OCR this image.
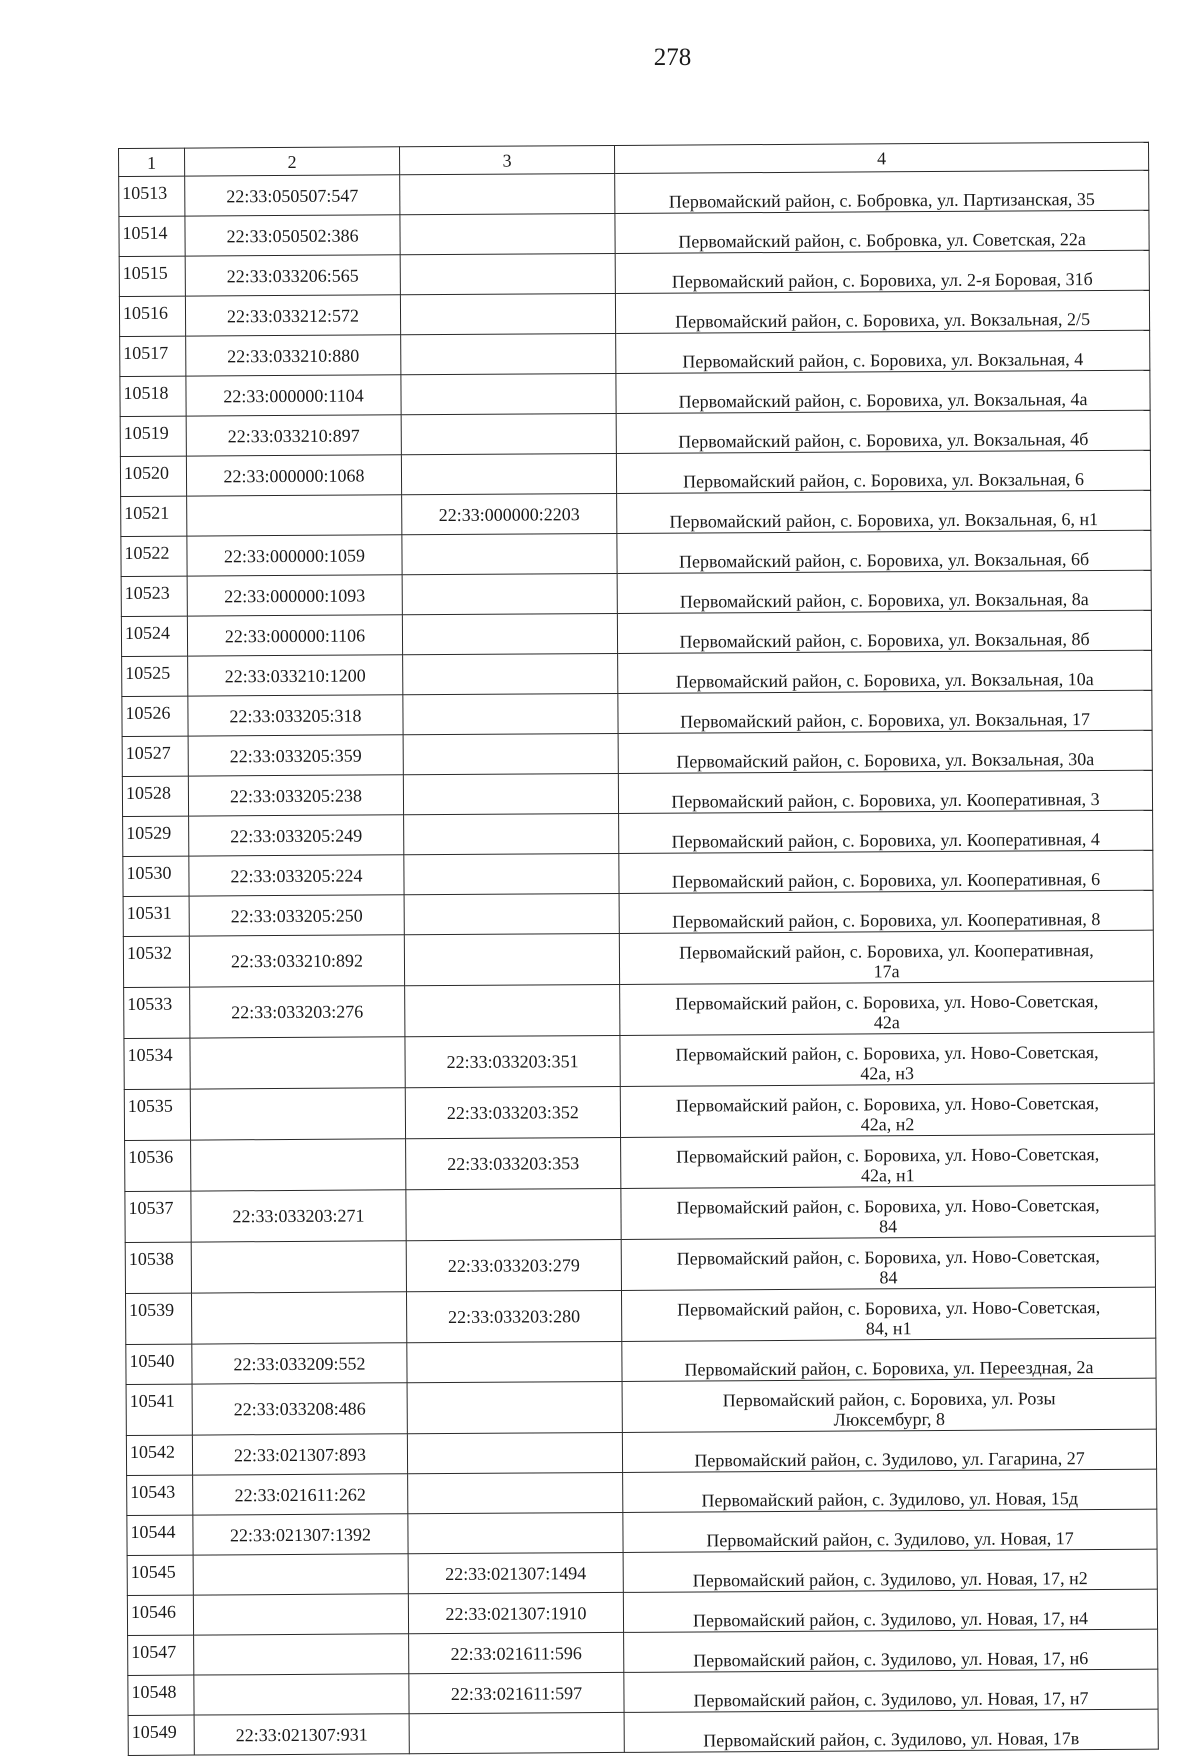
278
1	2	3	4
10513	22:33:050507:547		Первомайский район, с. Бобровка, ул. Партизанская, 35

10514	22:33:050502:386		Первомайский район, с. Бобровка, ул. Советская, 22а

10515	22:33:033206:565		Первомайский район, с. Боровиха, ул. 2-я Боровая, 31б

10516	22:33:033212:572		Первомайский район, с. Боровиха, ул. Вокзальная, 2/5

10517	22:33:033210:880		Первомайский район, с. Боровиха, ул. Вокзальная, 4

10518	22:33:000000:1104		Первомайский район, с. Боровиха, ул. Вокзальная, 4а

10519	22:33:033210:897		Первомайский район, с. Боровиха, ул. Вокзальная, 4б

10520	22:33:000000:1068		Первомайский район, с. Боровиха, ул. Вокзальная, 6

10521		22:33:000000:2203	Первомайский район, с. Боровиха, ул. Вокзальная, 6, н1

10522	22:33:000000:1059		Первомайский район, с. Боровиха, ул. Вокзальная, 6б

10523	22:33:000000:1093		Первомайский район, с. Боровиха, ул. Вокзальная, 8а

10524	22:33:000000:1106		Первомайский район, с. Боровиха, ул. Вокзальная, 8б

10525	22:33:033210:1200		Первомайский район, с. Боровиха, ул. Вокзальная, 10а

10526	22:33:033205:318		Первомайский район, с. Боровиха, ул. Вокзальная, 17

10527	22:33:033205:359		Первомайский район, с. Боровиха, ул. Вокзальная, 30а

10528	22:33:033205:238		Первомайский район, с. Боровиха, ул. Кооперативная, 3

10529	22:33:033205:249		Первомайский район, с. Боровиха, ул. Кооперативная, 4

10530	22:33:033205:224		Первомайский район, с. Боровиха, ул. Кооперативная, 6

10531	22:33:033205:250		Первомайский район, с. Боровиха, ул. Кооперативная, 8

10532	22:33:033210:892		Первомайский район, с. Боровиха, ул. Кооперативная,
17а

10533	22:33:033203:276		Первомайский район, с. Боровиха, ул. Ново-Советская,
42а

10534		22:33:033203:351	Первомайский район, с. Боровиха, ул. Ново-Советская,
42а, н3

10535		22:33:033203:352	Первомайский район, с. Боровиха, ул. Ново-Советская,
42а, н2

10536		22:33:033203:353	Первомайский район, с. Боровиха, ул. Ново-Советская,
42а, н1

10537	22:33:033203:271		Первомайский район, с. Боровиха, ул. Ново-Советская,
84

10538		22:33:033203:279	Первомайский район, с. Боровиха, ул. Ново-Советская,
84

10539		22:33:033203:280	Первомайский район, с. Боровиха, ул. Ново-Советская,
84, н1

10540	22:33:033209:552		Первомайский район, с. Боровиха, ул. Переездная, 2а

10541	22:33:033208:486		Первомайский район, с. Боровиха, ул. Розы
Люксембург, 8

10542	22:33:021307:893		Первомайский район, с. Зудилово, ул. Гагарина, 27

10543	22:33:021611:262		Первомайский район, с. Зудилово, ул. Новая, 15д

10544	22:33:021307:1392		Первомайский район, с. Зудилово, ул. Новая, 17

10545		22:33:021307:1494	Первомайский район, с. Зудилово, ул. Новая, 17, н2

10546		22:33:021307:1910	Первомайский район, с. Зудилово, ул. Новая, 17, н4

10547		22:33:021611:596	Первомайский район, с. Зудилово, ул. Новая, 17, н6

10548		22:33:021611:597	Первомайский район, с. Зудилово, ул. Новая, 17, н7

10549	22:33:021307:931		Первомайский район, с. Зудилово, ул. Новая, 17в
